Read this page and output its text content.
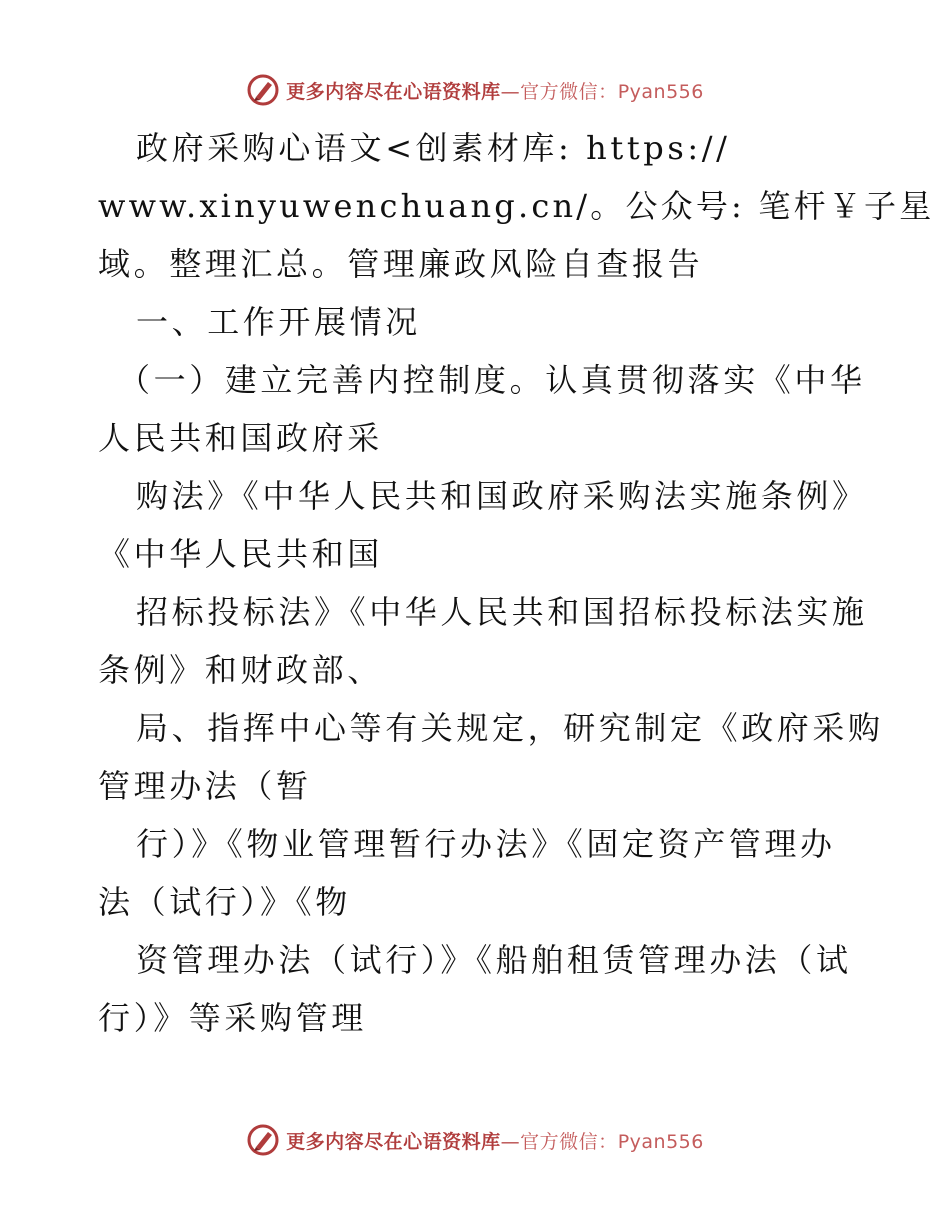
更多内容尽在心语资料库—官方微信：Pyan556
政府采购心语文<创素材库: https://
www.xinyuwenchuang.cn/。公众号: 笔杆￥子星
域。整理汇总。管理廉政风险自查报告
一、工作开展情况
（一）建立完善内控制度。认真贯彻落实《中华
人民共和国政府采
购法》《中华人民共和国政府采购法实施条例》
《中华人民共和国
招标投标法》《中华人民共和国招标投标法实施
条例》和财政部、
局、指挥中心等有关规定，研究制定《政府采购
管理办法（暂
行）》《物业管理暂行办法》《固定资产管理办
法（试行）》《物
资管理办法（试行）》《船舶租赁管理办法（试
行）》等采购管理
更多内容尽在心语资料库—官方微信：Pyan556
